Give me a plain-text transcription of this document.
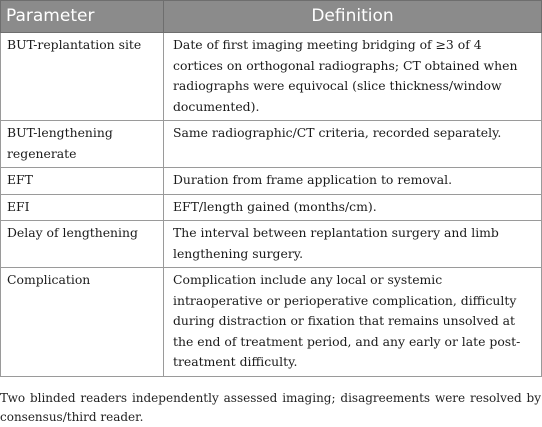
Parameter	Definition
BUT-replantation site	Date of first imaging meeting bridging of ≥3 of 4 cortices on orthogonal radiographs; CT obtained when radiographs were equivocal (slice thickness/window documented).
BUT-lengthening regenerate	Same radiographic/CT criteria, recorded separately.
EFT	Duration from frame application to removal.
EFI	EFT/length gained (months/cm).
Delay of lengthening	The interval between replantation surgery and limb lengthening surgery.
Complication	Complication include any local or systemic intraoperative or perioperative complication, difficulty during distraction or fixation that remains unsolved at the end of treatment period, and any early or late post-treatment difficulty.
Two blinded readers independently assessed imaging; disagreements were resolved by consensus/third reader.
